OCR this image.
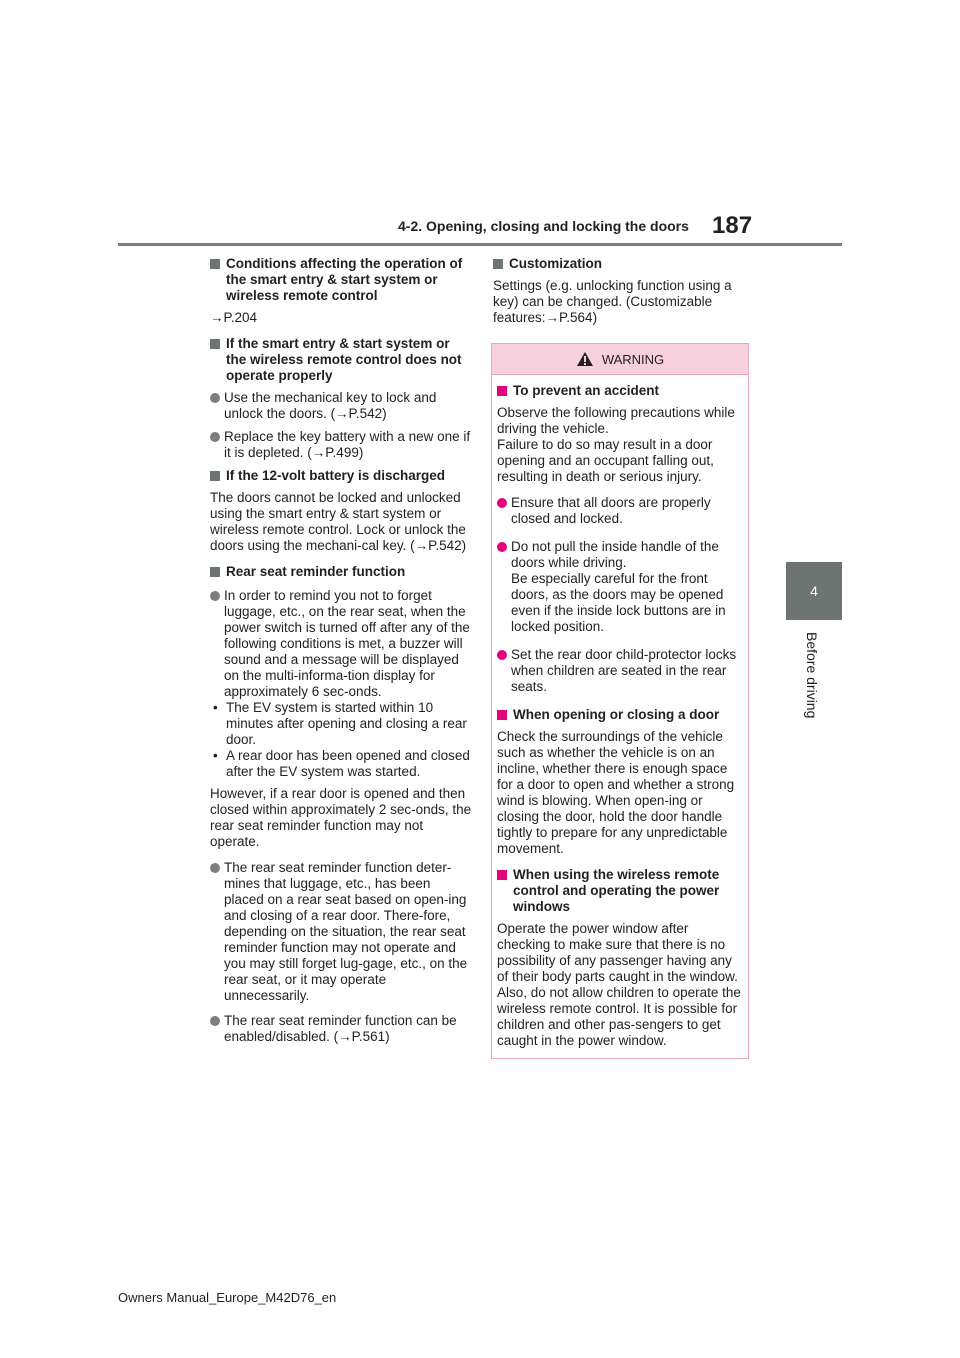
4-2. Opening, closing and locking the doors 187
4
Before driving
Conditions affecting the operation of the smart entry & start system or wireless remote control
→P.204
If the smart entry & start system or the wireless remote control does not operate properly
Use the mechanical key to lock and unlock the doors. (→P.542)
Replace the key battery with a new one if it is depleted. (→P.499)
If the 12-volt battery is discharged
The doors cannot be locked and unlocked using the smart entry & start system or wireless remote control. Lock or unlock the doors using the mechani-cal key. (→P.542)
Rear seat reminder function
In order to remind you not to forget luggage, etc., on the rear seat, when the power switch is turned off after any of the following conditions is met, a buzzer will sound and a message will be displayed on the multi-informa-tion display for approximately 6 sec-onds.
• The EV system is started within 10 minutes after opening and closing a rear door.
• A rear door has been opened and closed after the EV system was started.
However, if a rear door is opened and then closed within approximately 2 sec-onds, the rear seat reminder function may not operate.
The rear seat reminder function deter-mines that luggage, etc., has been placed on a rear seat based on open-ing and closing of a rear door. There-fore, depending on the situation, the rear seat reminder function may not operate and you may still forget lug-gage, etc., on the rear seat, or it may operate unnecessarily.
The rear seat reminder function can be enabled/disabled. (→P.561)
Customization
Settings (e.g. unlocking function using a key) can be changed. (Customizable features:→P.564)
WARNING
To prevent an accident
Observe the following precautions while driving the vehicle.
Failure to do so may result in a door opening and an occupant falling out, resulting in death or serious injury.
Ensure that all doors are properly closed and locked.
Do not pull the inside handle of the doors while driving.
Be especially careful for the front doors, as the doors may be opened even if the inside lock buttons are in locked position.
Set the rear door child-protector locks when children are seated in the rear seats.
When opening or closing a door
Check the surroundings of the vehicle such as whether the vehicle is on an incline, whether there is enough space for a door to open and whether a strong wind is blowing. When open-ing or closing the door, hold the door handle tightly to prepare for any unpredictable movement.
When using the wireless remote control and operating the power windows
Operate the power window after checking to make sure that there is no possibility of any passenger having any of their body parts caught in the window. Also, do not allow children to operate the wireless remote control. It is possible for children and other pas-sengers to get caught in the power window.
Owners Manual_Europe_M42D76_en
